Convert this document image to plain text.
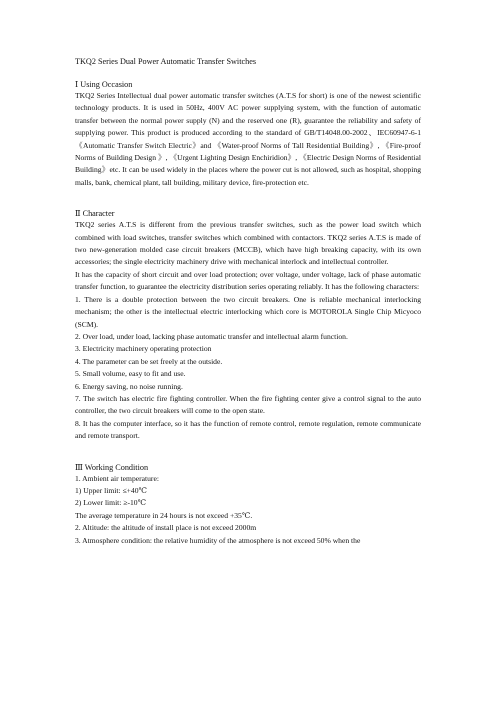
TKQ2 Series Dual Power Automatic Transfer Switches

Ⅰ Using Occasion

TKQ2 Series Intellectual dual power automatic transfer switches (A.T.S for short) is one of the newest scientific technology products. It is used in 50Hz, 400V AC power supplying system, with the function of automatic transfer between the normal power supply (N) and the reserved one (R), guarantee the reliability and safety of supplying power. This product is produced according to the standard of GB/T14048.00-2002、IEC60947-6-1 《Automatic Transfer Switch Electric》and 《Water-proof Norms of Tall Residential Building》, 《Fire-proof Norms of Building Design 》, 《Urgent Lighting Design Enchiridion》, 《Electric Design Norms of Residential Building》etc. It can be used widely in the places where the power cut is not allowed, such as hospital, shopping malls, bank, chemical plant, tall building, military device, fire-protection etc.

Ⅱ Character

TKQ2 series A.T.S is different from the previous transfer switches, such as the power load switch which combined with load switches, transfer switches which combined with contactors. TKQ2 series A.T.S is made of two new-generation molded case circuit breakers (MCCB), which have high breaking capacity, with its own accessories; the single electricity machinery drive with mechanical interlock and intellectual controller.

It has the capacity of short circuit and over load protection; over voltage, under voltage, lack of phase automatic transfer function, to guarantee the electricity distribution series operating reliably. It has the following characters:

1. There is a double protection between the two circuit breakers. One is reliable mechanical interlocking mechanism; the other is the intellectual electric interlocking which core is MOTOROLA Single Chip Micyoco (SCM).
2. Over load, under load, lacking phase automatic transfer and intellectual alarm function.
3. Electricity machinery operating protection
4. The parameter can be set freely at the outside.
5. Small volume, easy to fit and use.
6. Energy saving, no noise running.
7. The switch has electric fire fighting controller. When the fire fighting center give a control signal to the auto controller, the two circuit breakers will come to the open state.
8. It has the computer interface, so it has the function of remote control, remote regulation, remote communicate and remote transport.

Ⅲ Working Condition

1. Ambient air temperature:
1) Upper limit: ≤+40℃
2) Lower limit: ≥-10℃
The average temperature in 24 hours is not exceed +35℃.
2. Altitude: the altitude of install place is not exceed 2000m
3. Atmosphere condition: the relative humidity of the atmosphere is not exceed 50% when the
